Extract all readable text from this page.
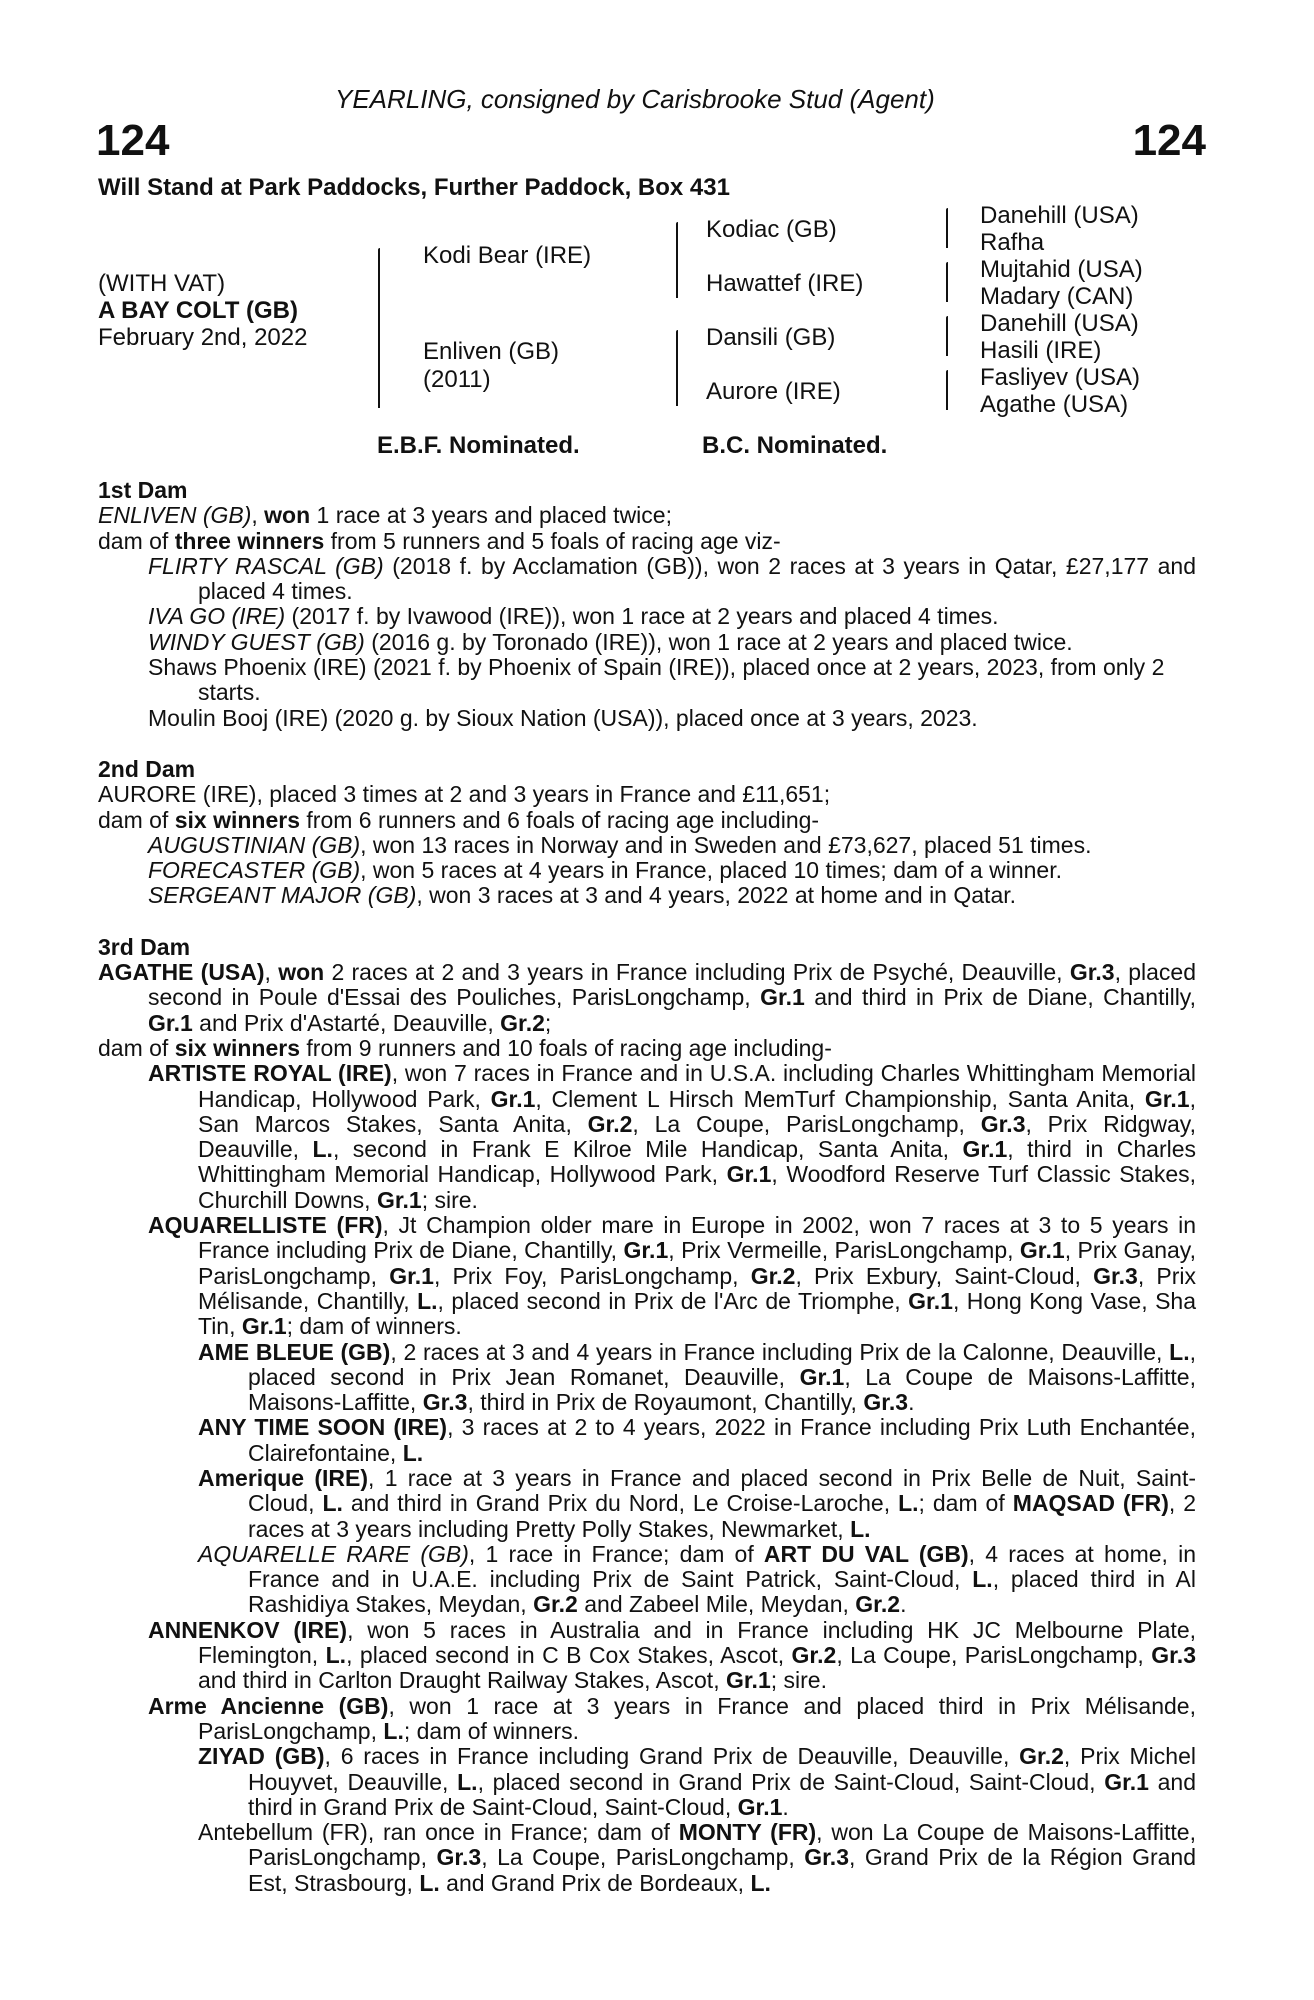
YEARLING, consigned by Carisbrooke Stud (Agent)
124	124
Will Stand at Park Paddocks, Further Paddock, Box 431
(WITH VAT)
A BAY COLT (GB)
February 2nd, 2022
Kodi Bear (IRE)
Enliven (GB)
(2011)
Kodiac (GB)
Hawattef (IRE)
Dansili (GB)
Aurore (IRE)
Danehill (USA)
Rafha
Mujtahid (USA)
Madary (CAN)
Danehill (USA)
Hasili (IRE)
Fasliyev (USA)
Agathe (USA)
E.B.F. Nominated.	B.C. Nominated.

1st Dam

ENLIVEN (GB), won 1 race at 3 years and placed twice;

dam of three winners from 5 runners and 5 foals of racing age viz-

FLIRTY RASCAL (GB) (2018 f. by Acclamation (GB)), won 2 races at 3 years in Qatar, £27,177 and placed 4 times.

IVA GO (IRE) (2017 f. by Ivawood (IRE)), won 1 race at 2 years and placed 4 times.

WINDY GUEST (GB) (2016 g. by Toronado (IRE)), won 1 race at 2 years and placed twice.

Shaws Phoenix (IRE) (2021 f. by Phoenix of Spain (IRE)), placed once at 2 years, 2023, from only 2 starts.

Moulin Booj (IRE) (2020 g. by Sioux Nation (USA)), placed once at 3 years, 2023.

2nd Dam

AURORE (IRE), placed 3 times at 2 and 3 years in France and £11,651;

dam of six winners from 6 runners and 6 foals of racing age including-

AUGUSTINIAN (GB), won 13 races in Norway and in Sweden and £73,627, placed 51 times.

FORECASTER (GB), won 5 races at 4 years in France, placed 10 times; dam of a winner.

SERGEANT MAJOR (GB), won 3 races at 3 and 4 years, 2022 at home and in Qatar.

3rd Dam

AGATHE (USA), won 2 races at 2 and 3 years in France including Prix de Psyché, Deauville, Gr.3, placed second in Poule d'Essai des Pouliches, ParisLongchamp, Gr.1 and third in Prix de Diane, Chantilly, Gr.1 and Prix d'Astarté, Deauville, Gr.2;

dam of six winners from 9 runners and 10 foals of racing age including-

ARTISTE ROYAL (IRE), won 7 races in France and in U.S.A. including Charles Whittingham Memorial Handicap, Hollywood Park, Gr.1, Clement L Hirsch MemTurf Championship, Santa Anita, Gr.1, San Marcos Stakes, Santa Anita, Gr.2, La Coupe, ParisLongchamp, Gr.3, Prix Ridgway, Deauville, L., second in Frank E Kilroe Mile Handicap, Santa Anita, Gr.1, third in Charles Whittingham Memorial Handicap, Hollywood Park, Gr.1, Woodford Reserve Turf Classic Stakes, Churchill Downs, Gr.1; sire.

AQUARELLISTE (FR), Jt Champion older mare in Europe in 2002, won 7 races at 3 to 5 years in France including Prix de Diane, Chantilly, Gr.1, Prix Vermeille, ParisLongchamp, Gr.1, Prix Ganay, ParisLongchamp, Gr.1, Prix Foy, ParisLongchamp, Gr.2, Prix Exbury, Saint-Cloud, Gr.3, Prix Mélisande, Chantilly, L., placed second in Prix de l'Arc de Triomphe, Gr.1, Hong Kong Vase, Sha Tin, Gr.1; dam of winners.

AME BLEUE (GB), 2 races at 3 and 4 years in France including Prix de la Calonne, Deauville, L., placed second in Prix Jean Romanet, Deauville, Gr.1, La Coupe de Maisons-Laffitte, Maisons-Laffitte, Gr.3, third in Prix de Royaumont, Chantilly, Gr.3.

ANY TIME SOON (IRE), 3 races at 2 to 4 years, 2022 in France including Prix Luth Enchantée, Clairefontaine, L.

Amerique (IRE), 1 race at 3 years in France and placed second in Prix Belle de Nuit, Saint-Cloud, L. and third in Grand Prix du Nord, Le Croise-Laroche, L.; dam of MAQSAD (FR), 2 races at 3 years including Pretty Polly Stakes, Newmarket, L.

AQUARELLE RARE (GB), 1 race in France; dam of ART DU VAL (GB), 4 races at home, in France and in U.A.E. including Prix de Saint Patrick, Saint-Cloud, L., placed third in Al Rashidiya Stakes, Meydan, Gr.2 and Zabeel Mile, Meydan, Gr.2.

ANNENKOV (IRE), won 5 races in Australia and in France including HK JC Melbourne Plate, Flemington, L., placed second in C B Cox Stakes, Ascot, Gr.2, La Coupe, ParisLongchamp, Gr.3 and third in Carlton Draught Railway Stakes, Ascot, Gr.1; sire.

Arme Ancienne (GB), won 1 race at 3 years in France and placed third in Prix Mélisande, ParisLongchamp, L.; dam of winners.

ZIYAD (GB), 6 races in France including Grand Prix de Deauville, Deauville, Gr.2, Prix Michel Houyvet, Deauville, L., placed second in Grand Prix de Saint-Cloud, Saint-Cloud, Gr.1 and third in Grand Prix de Saint-Cloud, Saint-Cloud, Gr.1.

Antebellum (FR), ran once in France; dam of MONTY (FR), won La Coupe de Maisons-Laffitte, ParisLongchamp, Gr.3, La Coupe, ParisLongchamp, Gr.3, Grand Prix de la Région Grand Est, Strasbourg, L. and Grand Prix de Bordeaux, L.
